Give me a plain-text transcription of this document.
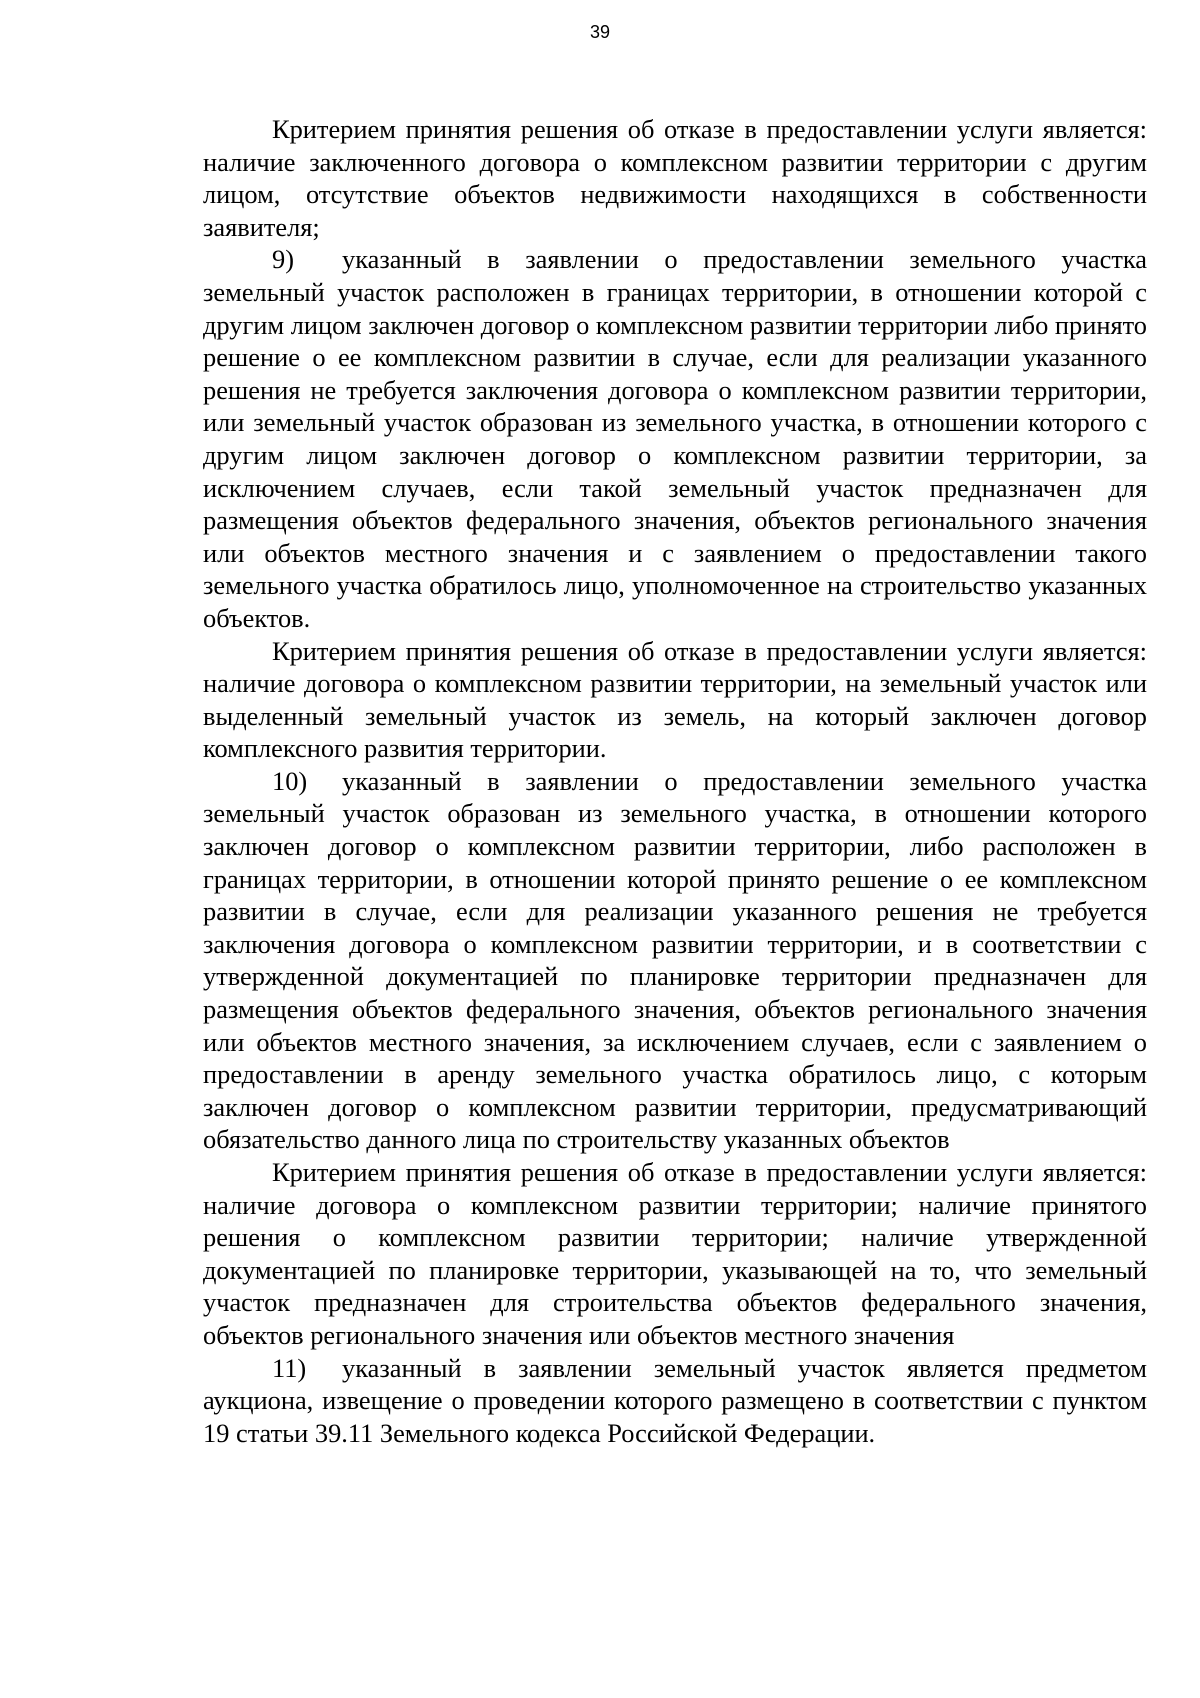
39

Критерием принятия решения об отказе в предоставлении услуги является: наличие заключенного договора о комплексном развитии территории с другим лицом, отсутствие объектов недвижимости находящихся в собственности заявителя;

9) указанный в заявлении о предоставлении земельного участка земельный участок расположен в границах территории, в отношении которой с другим лицом заключен договор о комплексном развитии территории либо принято решение о ее комплексном развитии в случае, если для реализации указанного решения не требуется заключения договора о комплексном развитии территории, или земельный участок образован из земельного участка, в отношении которого с другим лицом заключен договор о комплексном развитии территории, за исключением случаев, если такой земельный участок предназначен для размещения объектов федерального значения, объектов регионального значения или объектов местного значения и с заявлением о предоставлении такого земельного участка обратилось лицо, уполномоченное на строительство указанных объектов.

Критерием принятия решения об отказе в предоставлении услуги является: наличие договора о комплексном развитии территории, на земельный участок или выделенный земельный участок из земель, на который заключен договор комплексного развития территории.

10) указанный в заявлении о предоставлении земельного участка земельный участок образован из земельного участка, в отношении которого заключен договор о комплексном развитии территории, либо расположен в границах территории, в отношении которой принято решение о ее комплексном развитии в случае, если для реализации указанного решения не требуется заключения договора о комплексном развитии территории, и в соответствии с утвержденной документацией по планировке территории предназначен для размещения объектов федерального значения, объектов регионального значения или объектов местного значения, за исключением случаев, если с заявлением о предоставлении в аренду земельного участка обратилось лицо, с которым заключен договор о комплексном развитии территории, предусматривающий обязательство данного лица по строительству указанных объектов

Критерием принятия решения об отказе в предоставлении услуги является: наличие договора о комплексном развитии территории; наличие принятого решения о комплексном развитии территории; наличие утвержденной документацией по планировке территории, указывающей на то, что земельный участок предназначен для строительства объектов федерального значения, объектов регионального значения или объектов местного значения

11) указанный в заявлении земельный участок является предметом аукциона, извещение о проведении которого размещено в соответствии с пунктом 19 статьи 39.11 Земельного кодекса Российской Федерации.
